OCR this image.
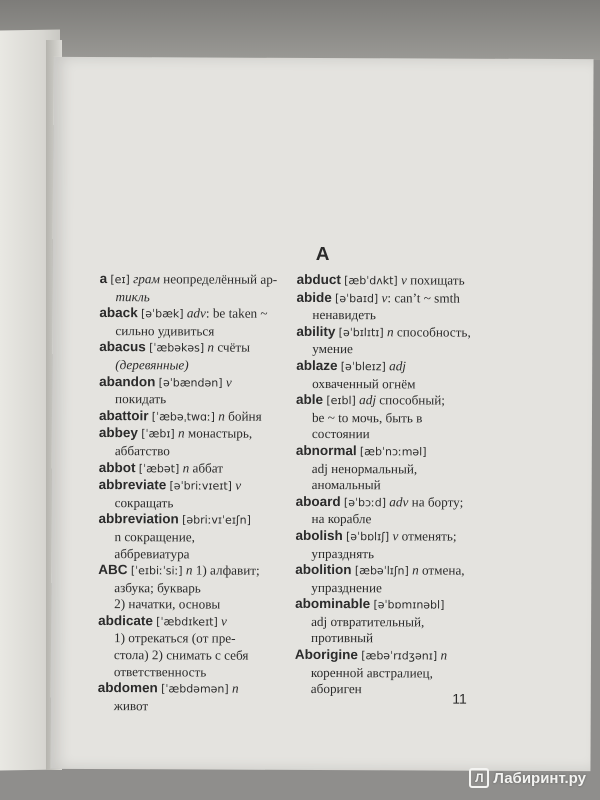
A
a [eɪ] грам неопределённый ар-
тикль
aback [əˈbæk] adv: be taken ~
сильно удивиться
abacus [ˈæbəkəs] n счёты
(деревянные)
abandon [əˈbændən] v
покидать
abattoir [ˈæbəˌtwɑː] n бойня
abbey [ˈæbɪ] n монастырь,
аббатство
abbot [ˈæbət] n аббат
abbreviate [əˈbriːvɪeɪt] v
сокращать
abbreviation [əbriːvɪˈeɪʃn]
n сокращение,
аббревиатура
ABC [ˈeɪbiːˈsiː] n 1) алфавит;
азбука; букварь
2) начатки, основы
abdicate [ˈæbdɪkeɪt] v
1) отрекаться (от пре-
стола) 2) снимать с себя
ответственность
abdomen [ˈæbdəmən] n
живот
abduct [æbˈdʌkt] v похищать
abide [əˈbaɪd] v: can’t ~ smth
ненавидеть
ability [əˈbɪlɪtɪ] n способность,
умение
ablaze [əˈbleɪz] adj
охваченный огнём
able [eɪbl] adj способный;
be ~ to мочь, быть в
состоянии
abnormal [æbˈnɔːməl]
adj ненормальный,
аномальный
aboard [əˈbɔːd] adv на борту;
на корабле
abolish [əˈbɒlɪʃ] v отменять;
упразднять
abolition [æbəˈlɪʃn] n отмена,
упразднение
abominable [əˈbɒmɪnəbl]
adj отвратительный,
противный
Aborigine [æbəˈrɪdʒənɪ] n
коренной австралиец,
абориген
11
Л Лабиринт.ру
